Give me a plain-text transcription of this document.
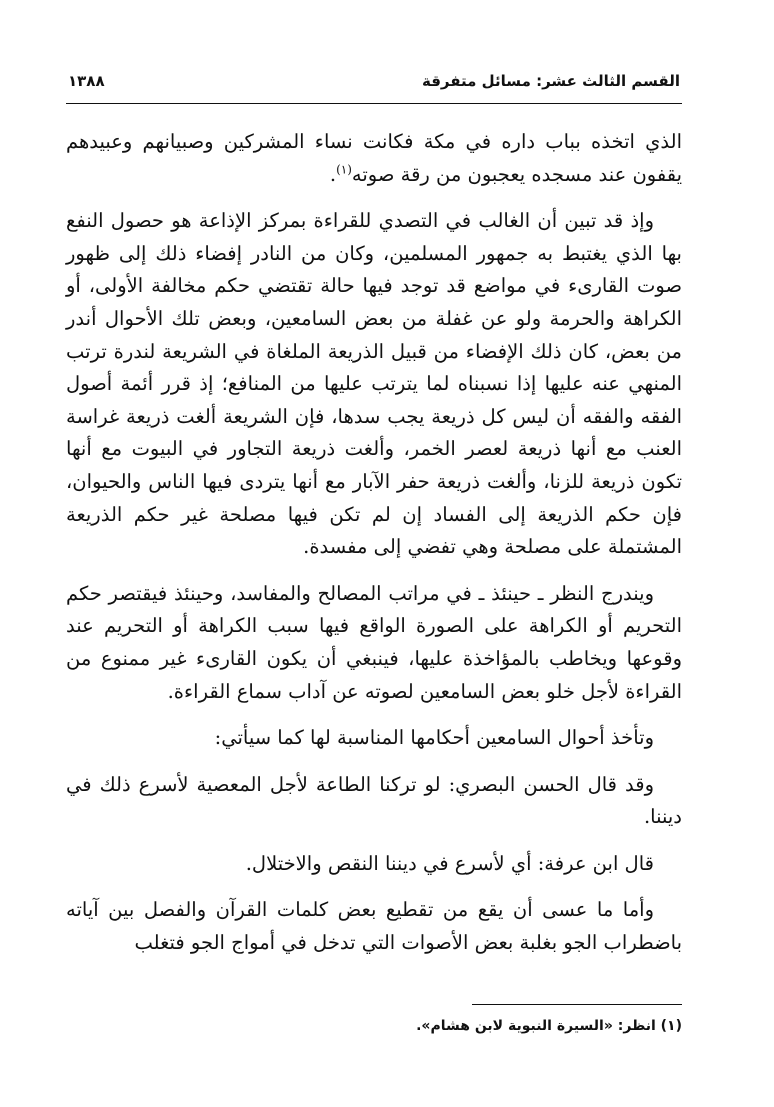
القسم الثالث عشر: مسائل متفرقة
١٣٨٨

الذي اتخذه بباب داره في مكة فكانت نساء المشركين وصبيانهم وعبيدهم يقفون عند مسجده يعجبون من رقة صوته$^{(١)}$.

وإذ قد تبين أن الغالب في التصدي للقراءة بمركز الإذاعة هو حصول النفع بها الذي يغتبط به جمهور المسلمين، وكان من النادر إفضاء ذلك إلى ظهور صوت القارىء في مواضع قد توجد فيها حالة تقتضي حكم مخالفة الأولى، أو الكراهة والحرمة ولو عن غفلة من بعض السامعين، وبعض تلك الأحوال أندر من بعض، كان ذلك الإفضاء من قبيل الذريعة الملغاة في الشريعة لندرة ترتب المنهي عنه عليها إذا نسبناه لما يترتب عليها من المنافع؛ إذ قرر أئمة أصول الفقه والفقه أن ليس كل ذريعة يجب سدها، فإن الشريعة ألغت ذريعة غراسة العنب مع أنها ذريعة لعصر الخمر، وألغت ذريعة التجاور في البيوت مع أنها تكون ذريعة للزنا، وألغت ذريعة حفر الآبار مع أنها يتردى فيها الناس والحيوان، فإن حكم الذريعة إلى الفساد إن لم تكن فيها مصلحة غير حكم الذريعة المشتملة على مصلحة وهي تفضي إلى مفسدة.

ويندرج النظر ـ حينئذ ـ في مراتب المصالح والمفاسد، وحينئذ فيقتصر حكم التحريم أو الكراهة على الصورة الواقع فيها سبب الكراهة أو التحريم عند وقوعها ويخاطب بالمؤاخذة عليها، فينبغي أن يكون القارىء غير ممنوع من القراءة لأجل خلو بعض السامعين لصوته عن آداب سماع القراءة.

وتأخذ أحوال السامعين أحكامها المناسبة لها كما سيأتي:

وقد قال الحسن البصري: لو تركنا الطاعة لأجل المعصية لأسرع ذلك في ديننا.

قال ابن عرفة: أي لأسرع في ديننا النقص والاختلال.

وأما ما عسى أن يقع من تقطيع بعض كلمات القرآن والفصل بين آياته باضطراب الجو بغلبة بعض الأصوات التي تدخل في أمواج الجو فتغلب

(١) انظر: «السيرة النبوية لابن هشام».
